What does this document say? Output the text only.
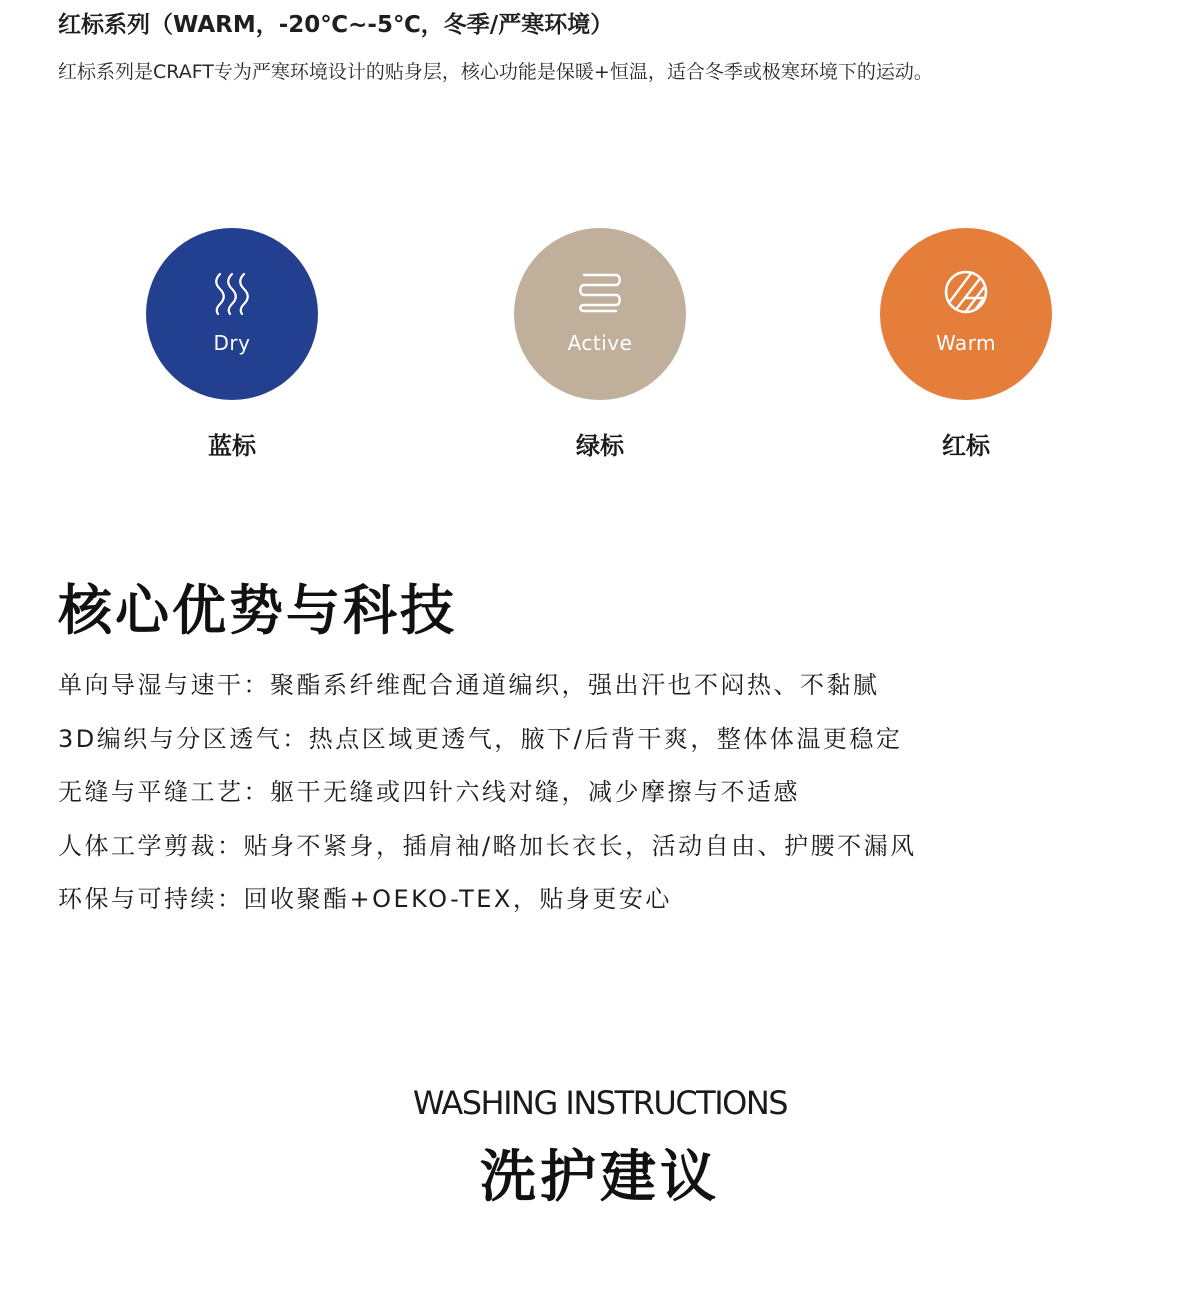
红标系列（WARM，-20℃~-5℃，冬季/严寒环境）
红标系列是CRAFT专为严寒环境设计的贴身层，核心功能是保暖+恒温，适合冬季或极寒环境下的运动。
Dry
蓝标
Active
绿标
Warm
红标
核心优势与科技
单向导湿与速干：聚酯系纤维配合通道编织，强出汗也不闷热、不黏腻
3D编织与分区透气：热点区域更透气，腋下/后背干爽，整体体温更稳定
无缝与平缝工艺：躯干无缝或四针六线对缝，减少摩擦与不适感
人体工学剪裁：贴身不紧身，插肩袖/略加长衣长，活动自由、护腰不漏风
环保与可持续：回收聚酯+OEKO-TEX，贴身更安心
WASHING INSTRUCTIONS
洗护建议
